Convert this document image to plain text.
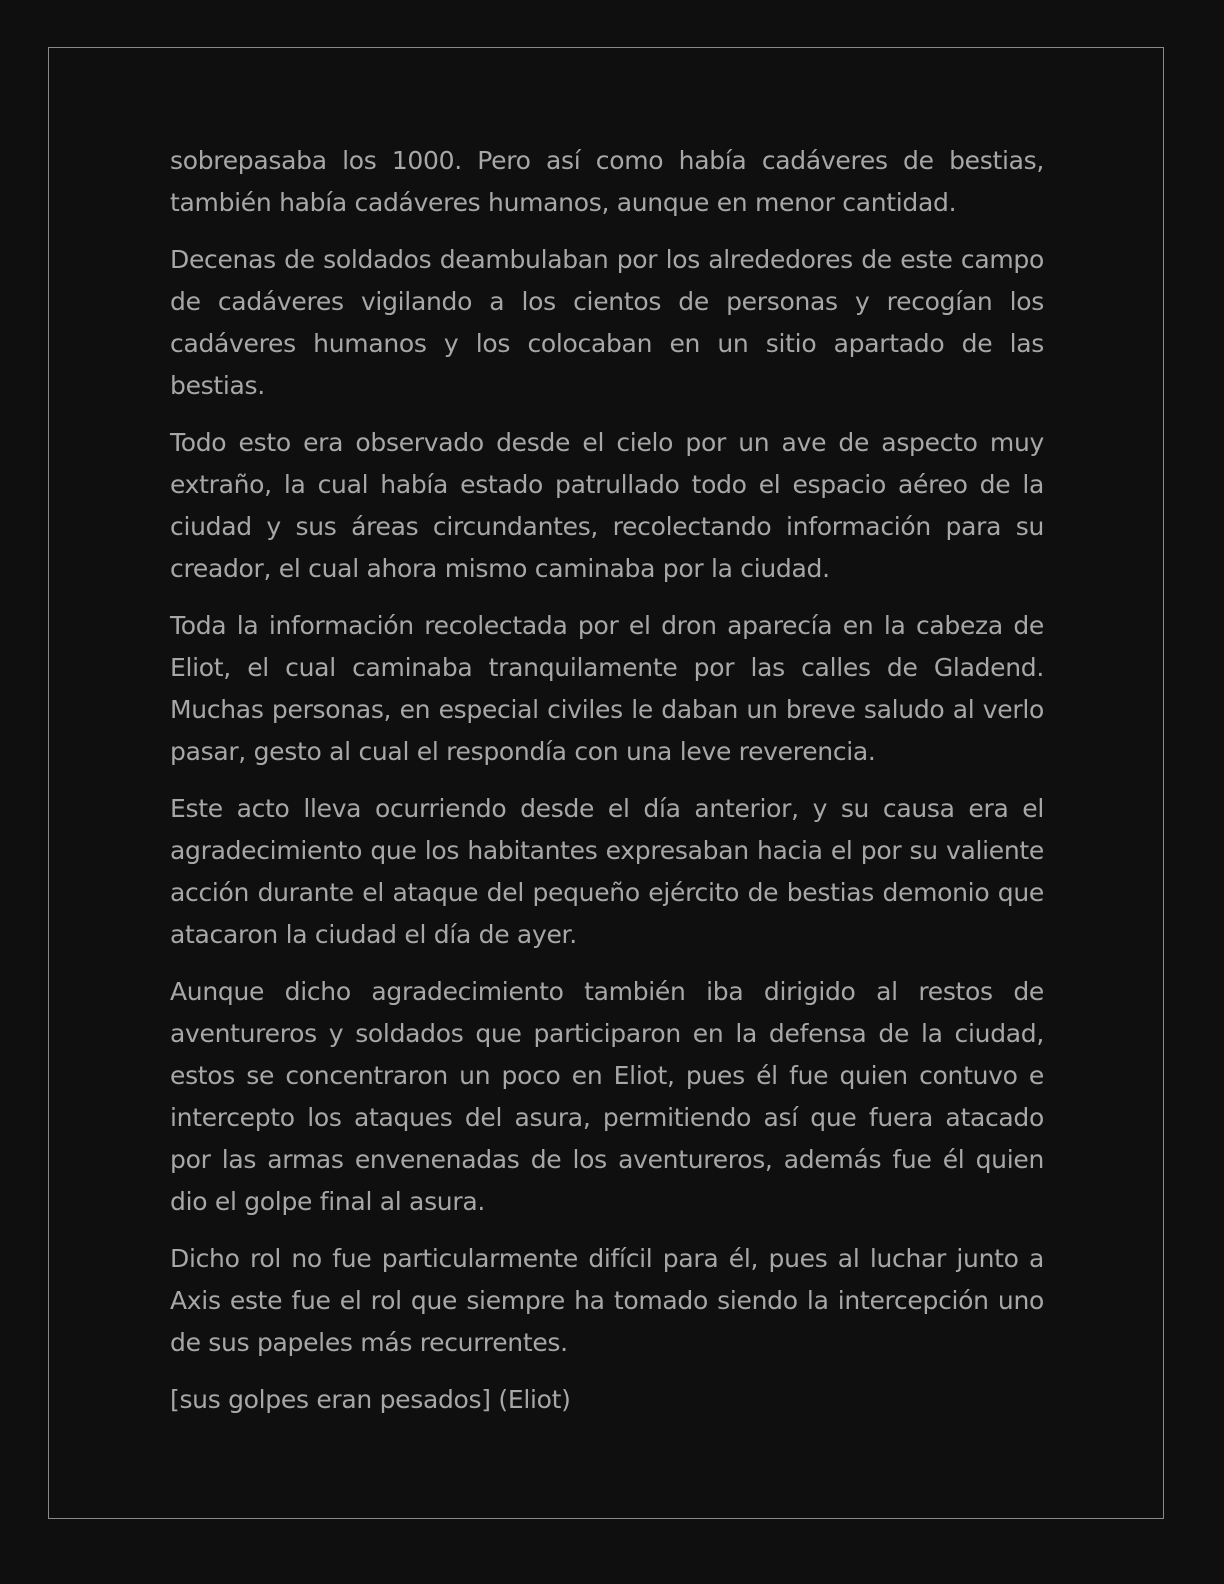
sobrepasaba los 1000. Pero así como había cadáveres de bestias, también había cadáveres humanos, aunque en menor cantidad.

Decenas de soldados deambulaban por los alrededores de este campo de cadáveres vigilando a los cientos de personas y recogían los cadáveres humanos y los colocaban en un sitio apartado de las bestias.

Todo esto era observado desde el cielo por un ave de aspecto muy extraño, la cual había estado patrullado todo el espacio aéreo de la ciudad y sus áreas circundantes, recolectando información para su creador, el cual ahora mismo caminaba por la ciudad.

Toda la información recolectada por el dron aparecía en la cabeza de Eliot, el cual caminaba tranquilamente por las calles de Gladend. Muchas personas, en especial civiles le daban un breve saludo al verlo pasar, gesto al cual el respondía con una leve reverencia.

Este acto lleva ocurriendo desde el día anterior, y su causa era el agradecimiento que los habitantes expresaban hacia el por su valiente acción durante el ataque del pequeño ejército de bestias demonio que atacaron la ciudad el día de ayer.

Aunque dicho agradecimiento también iba dirigido al restos de aventureros y soldados que participaron en la defensa de la ciudad, estos se concentraron un poco en Eliot, pues él fue quien contuvo e intercepto los ataques del asura, permitiendo así que fuera atacado por las armas envenenadas de los aventureros, además fue él quien dio el golpe final al asura.

Dicho rol no fue particularmente difícil para él, pues al luchar junto a Axis este fue el rol que siempre ha tomado siendo la intercepción uno de sus papeles más recurrentes.

[sus golpes eran pesados] (Eliot)
